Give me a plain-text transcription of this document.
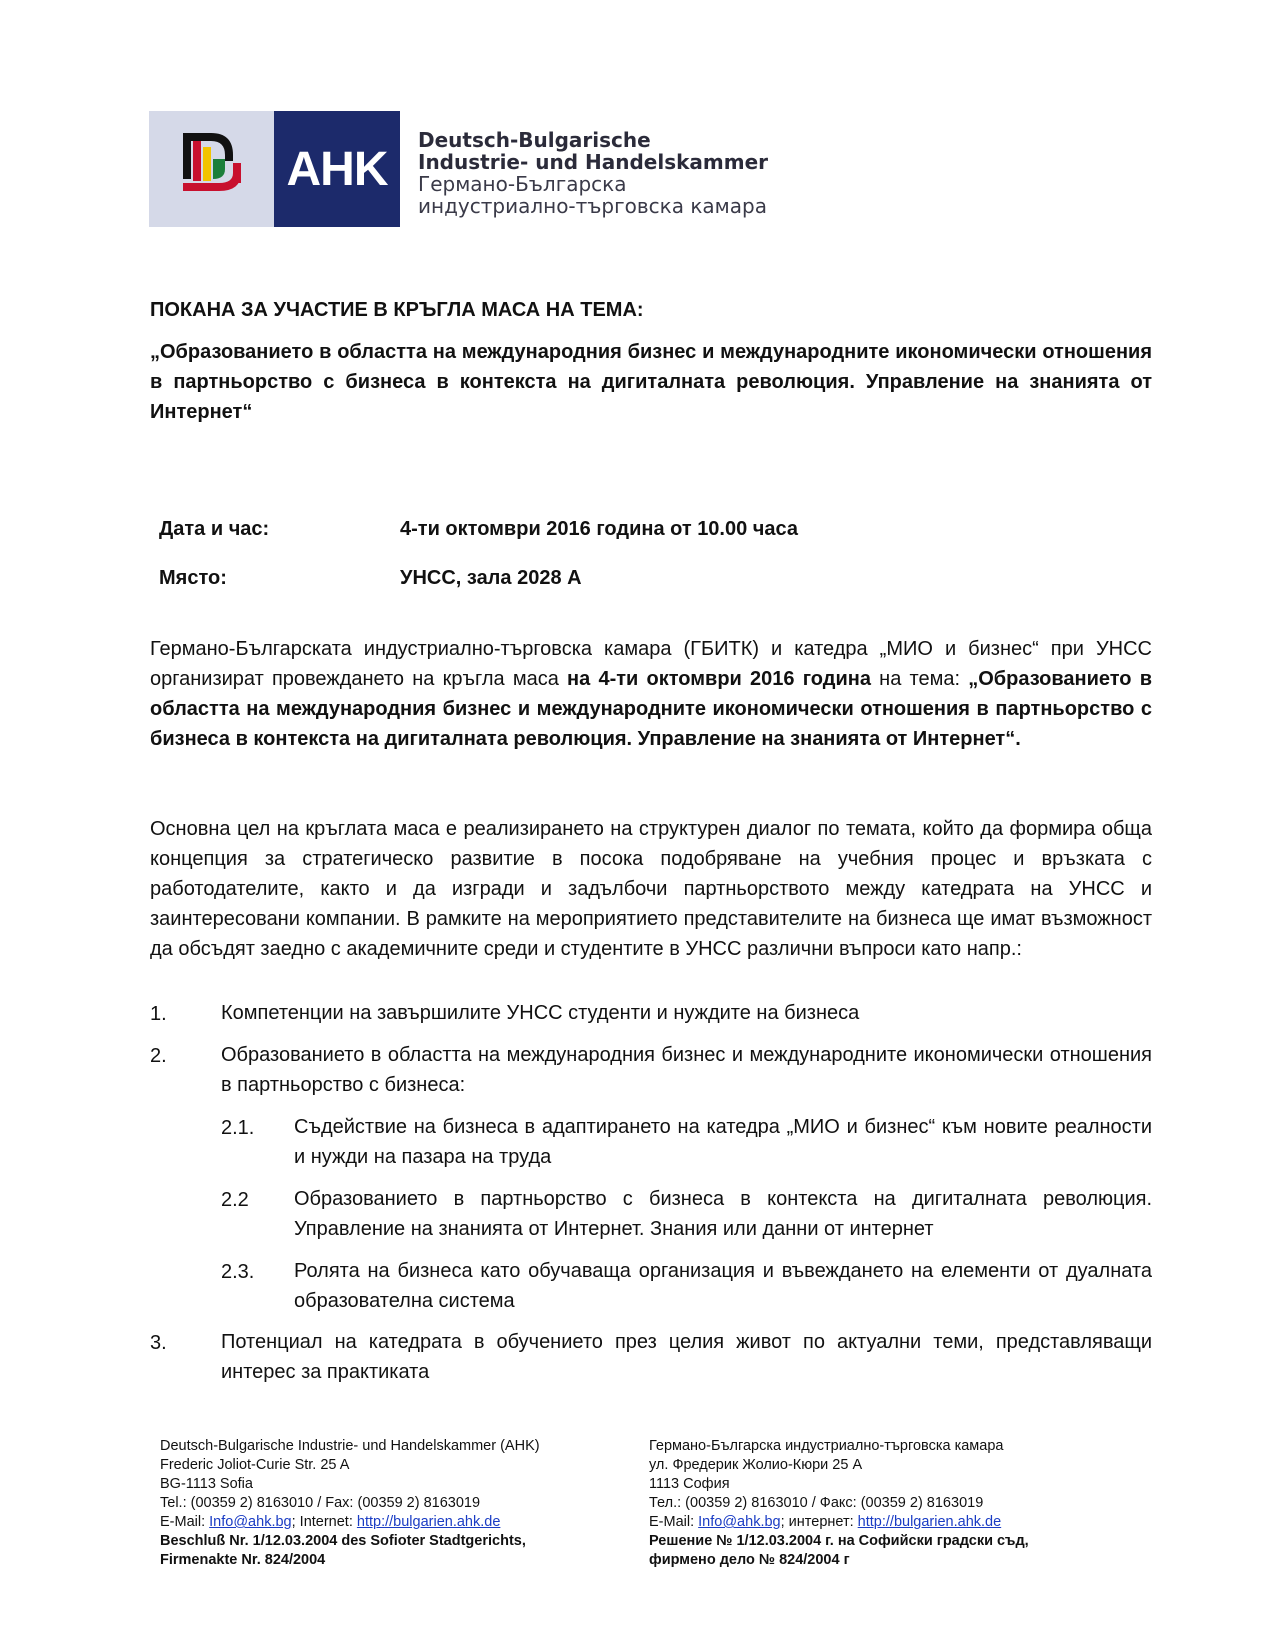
AHK
Deutsch-Bulgarische
Industrie- und Handelskammer
Германо-Българска
индустриално-търговска камара
ПОКАНА ЗА УЧАСТИЕ В КРЪГЛА МАСА НА ТЕМА:
„Образованието в областта на международния бизнес и международните икономически отношения в партньорство с бизнеса в контекста на дигиталната революция. Управление на знанията от Интернет“
Дата и час:	4-ти октомври 2016 година от 10.00 часа
Място:	УНСС, зала 2028 А
Германо-Българската индустриално-търговска камара (ГБИТК) и катедра „МИО и бизнес“ при УНСС организират провеждането на кръгла маса на 4-ти октомври 2016 година на тема: „Образованието в областта на международния бизнес и международните икономически отношения в партньорство с бизнеса в контекста на дигиталната революция. Управление на знанията от Интернет“.
Основна цел на кръглата маса е реализирането на структурен диалог по темата, който да формира обща концепция за стратегическо развитие в посока подобряване на учебния процес и връзката с работодателите, както и да изгради и задълбочи партньорството между катедрата на УНСС и заинтересовани компании. В рамките на мероприятието представителите на бизнеса ще имат възможност да обсъдят заедно с академичните среди и студентите в УНСС различни въпроси като напр.:
1.	Компетенции на завършилите УНСС студенти и нуждите на бизнеса
2.	Образованието в областта на международния бизнес и международните икономически отношения в партньорство с бизнеса:
2.1. Съдействие на бизнеса в адаптирането на катедра „МИО и бизнес“ към новите реалности и нужди на пазара на труда
2.2 Образованието в партньорство с бизнеса в контекста на дигиталната революция. Управление на знанията от Интернет. Знания или данни от интернет
2.3. Ролята на бизнеса като обучаваща организация и въвеждането на елементи от дуалната образователна система
3.	Потенциал на катедрата в обучението през целия живот по актуални теми, представляващи интерес за практиката
Deutsch-Bulgarische Industrie- und Handelskammer (AHK)
Frederic Joliot-Curie Str. 25 A
BG-1113 Sofia
Tel.: (00359 2) 8163010 / Fax: (00359 2) 8163019
E-Mail: Info@ahk.bg; Internet: http://bulgarien.ahk.de
Beschluß Nr. 1/12.03.2004 des Sofioter Stadtgerichts,
Firmenakte Nr. 824/2004
Германо-Българска индустриално-търговска камара
ул. Фредерик Жолио-Кюри 25 А
1113 София
Тел.: (00359 2) 8163010 / Факс: (00359 2) 8163019
E-Mail: Info@ahk.bg; интернет: http://bulgarien.ahk.de
Решение № 1/12.03.2004 г. на Софийски градски съд,
фирмено дело № 824/2004 г
